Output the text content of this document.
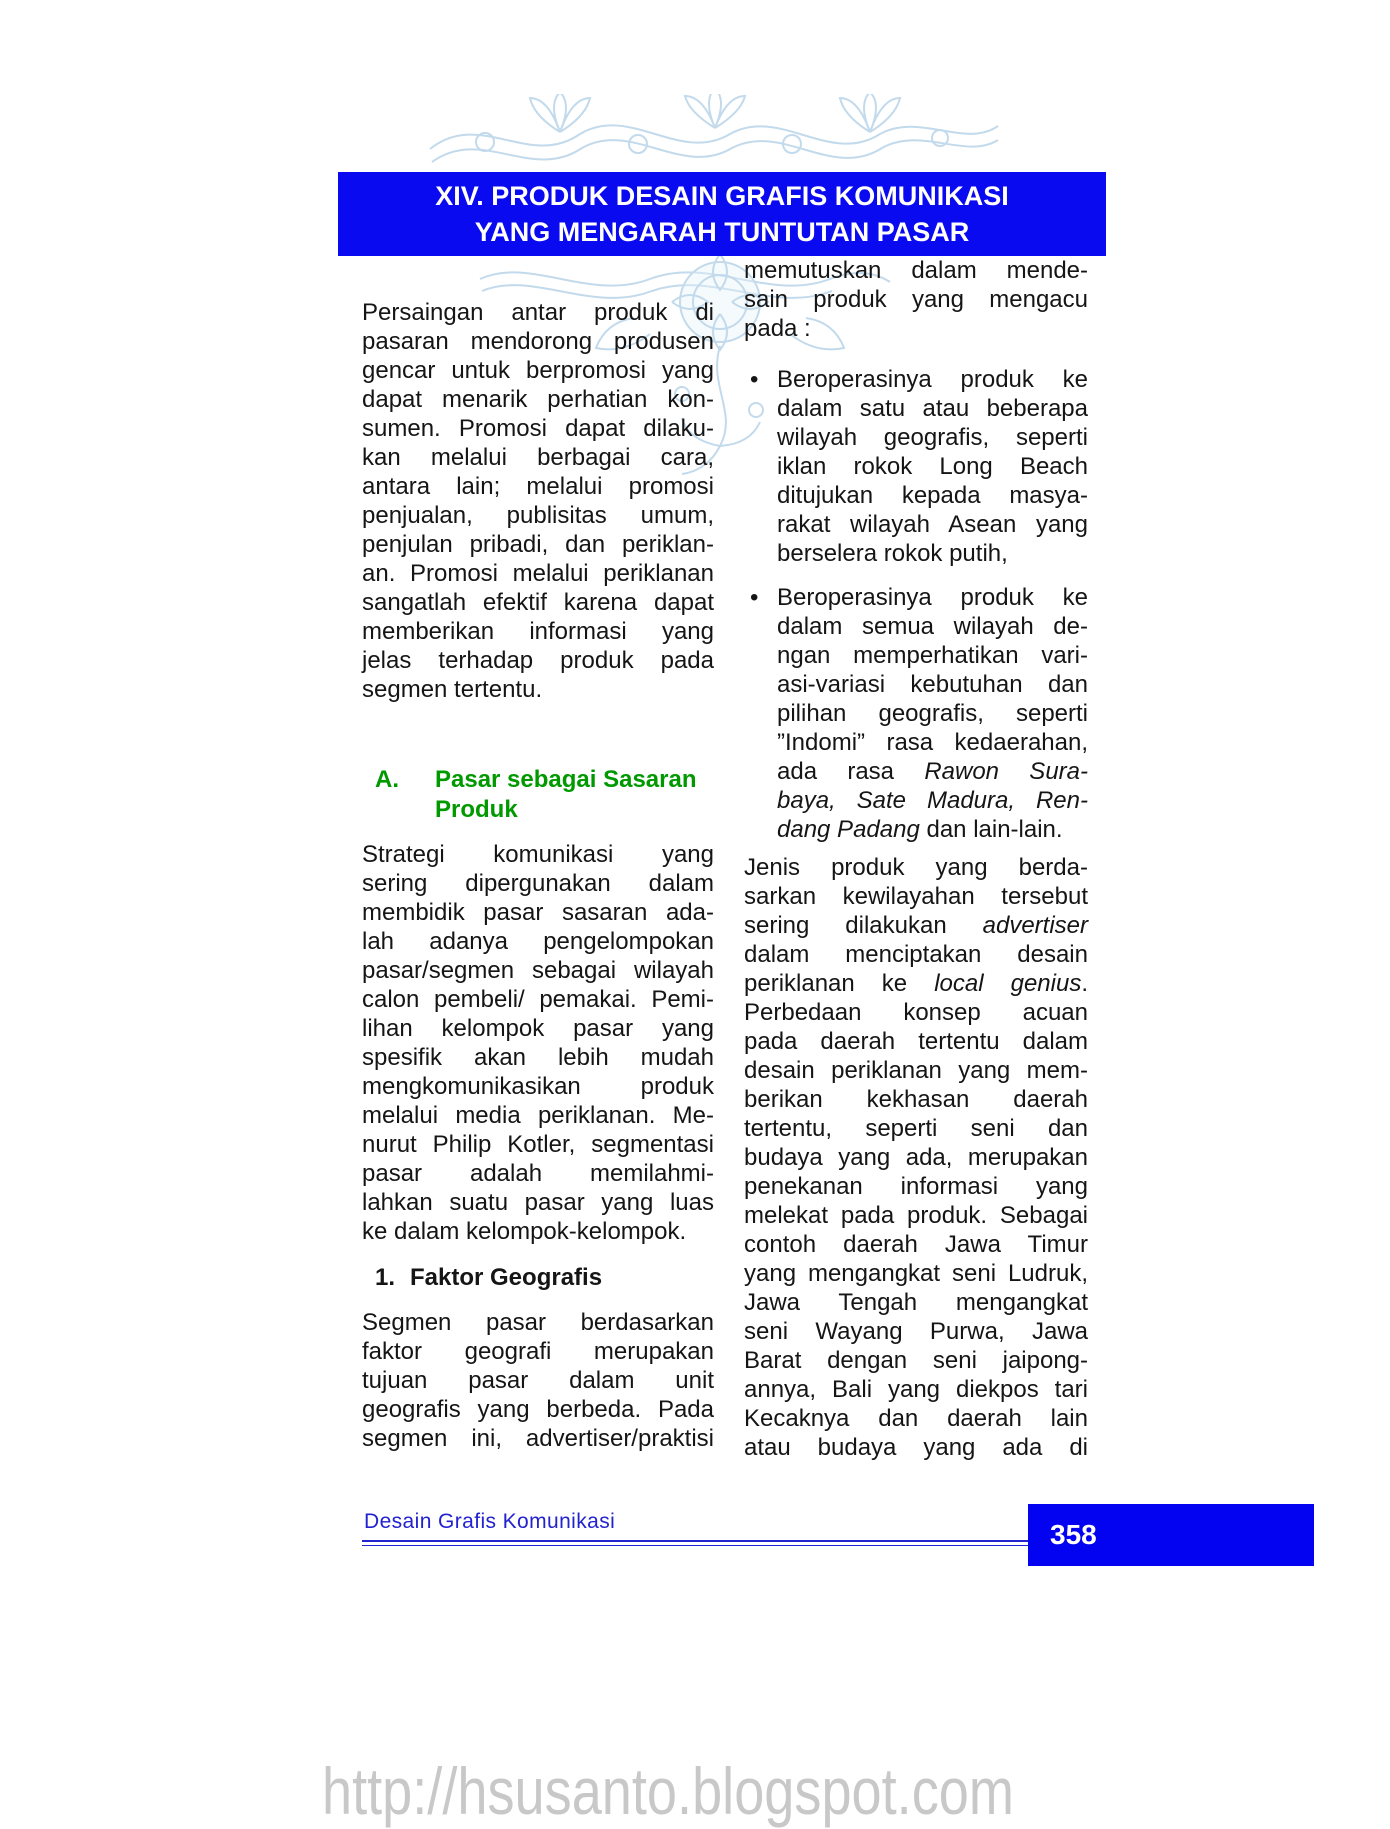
XIV. PRODUK DESAIN GRAFIS KOMUNIKASI
YANG MENGARAH TUNTUTAN PASAR
Persaingan antar produk di
pasaran mendorong produsen
gencar untuk berpromosi yang
dapat menarik perhatian kon-
sumen. Promosi dapat dilaku-
kan melalui berbagai cara,
antara lain; melalui promosi
penjualan, publisitas umum,
penjulan pribadi, dan periklan-
an. Promosi melalui periklanan
sangatlah efektif karena dapat
memberikan informasi yang
jelas terhadap produk pada
segmen tertentu.
A. Pasar sebagai Sasaran
Produk
Strategi komunikasi yang
sering dipergunakan dalam
membidik pasar sasaran ada-
lah adanya pengelompokan
pasar/segmen sebagai wilayah
calon pembeli/ pemakai. Pemi-
lihan kelompok pasar yang
spesifik akan lebih mudah
mengkomunikasikan produk
melalui media periklanan. Me-
nurut Philip Kotler, segmentasi
pasar adalah memilahmi-
lahkan suatu pasar yang luas
ke dalam kelompok-kelompok.
1. Faktor Geografis
Segmen pasar berdasarkan
faktor geografi merupakan
tujuan pasar dalam unit
geografis yang berbeda. Pada
segmen ini, advertiser/praktisi
memutuskan dalam mende-
sain produk yang mengacu
pada :
• Beroperasinya produk ke
dalam satu atau beberapa
wilayah geografis, seperti
iklan rokok Long Beach
ditujukan kepada masya-
rakat wilayah Asean yang
berselera rokok putih,
• Beroperasinya produk ke
dalam semua wilayah de-
ngan memperhatikan vari-
asi-variasi kebutuhan dan
pilihan geografis, seperti
”Indomi” rasa kedaerahan,
ada rasa Rawon Sura-
baya, Sate Madura, Ren-
dang Padang dan lain-lain.
Jenis produk yang berda-
sarkan kewilayahan tersebut
sering dilakukan advertiser
dalam menciptakan desain
periklanan ke local genius.
Perbedaan konsep acuan
pada daerah tertentu dalam
desain periklanan yang mem-
berikan kekhasan daerah
tertentu, seperti seni dan
budaya yang ada, merupakan
penekanan informasi yang
melekat pada produk. Sebagai
contoh daerah Jawa Timur
yang mengangkat seni Ludruk,
Jawa Tengah mengangkat
seni Wayang Purwa, Jawa
Barat dengan seni jaipong-
annya, Bali yang diekpos tari
Kecaknya dan daerah lain
atau budaya yang ada di
Desain Grafis Komunikasi	358
http://hsusanto.blogspot.com
